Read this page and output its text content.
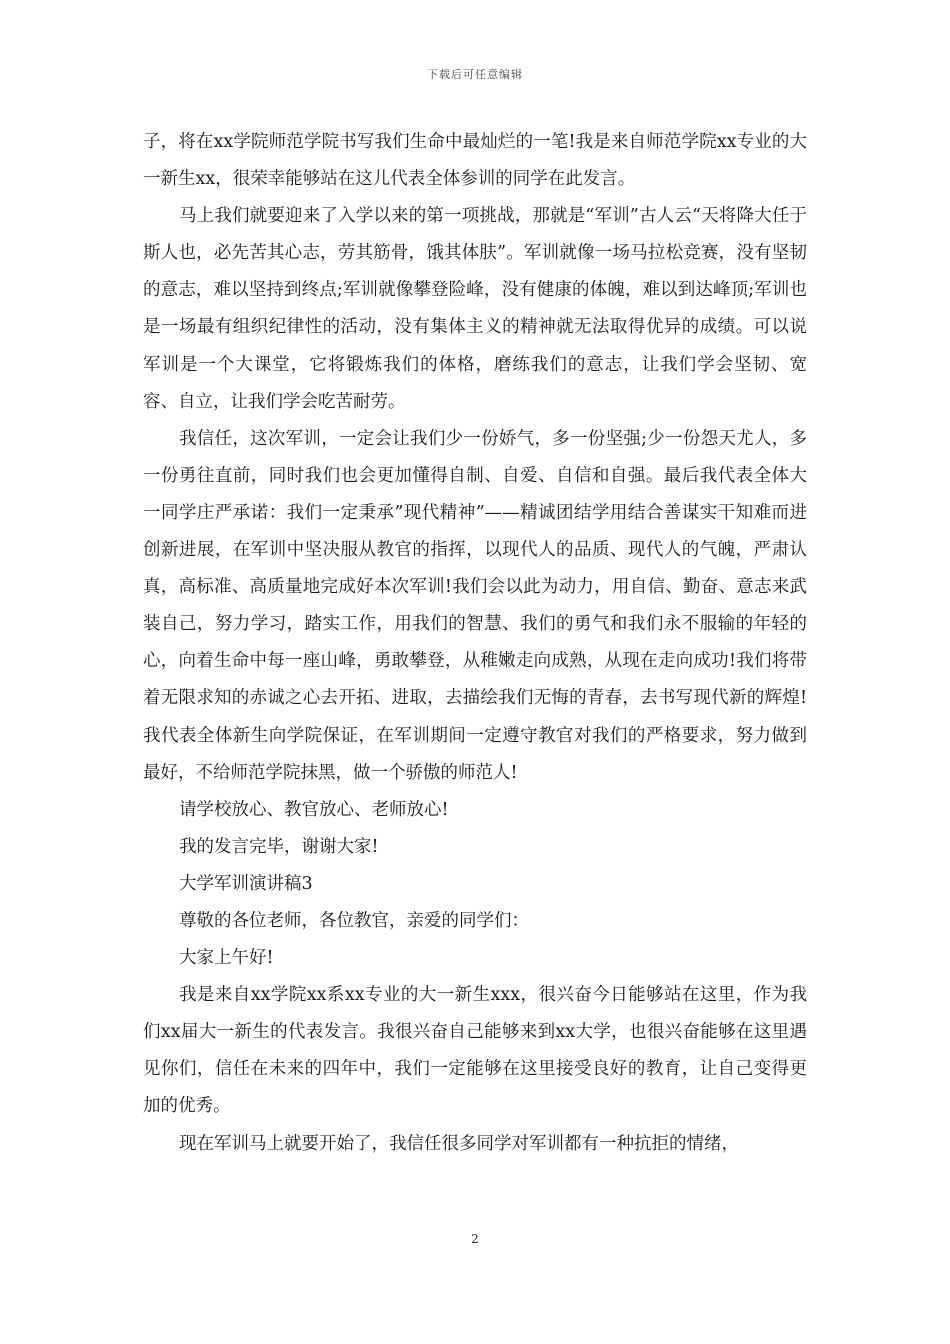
下载后可任意编辑

子，将在xx学院师范学院书写我们生命中最灿烂的一笔!我是来自师范学院xx专业的大一新生xx，很荣幸能够站在这儿代表全体参训的同学在此发言。

马上我们就要迎来了入学以来的第一项挑战，那就是“军训”古人云“天将降大任于斯人也，必先苦其心志，劳其筋骨，饿其体肤”。军训就像一场马拉松竞赛，没有坚韧的意志，难以坚持到终点;军训就像攀登险峰，没有健康的体魄，难以到达峰顶;军训也是一场最有组织纪律性的活动，没有集体主义的精神就无法取得优异的成绩。可以说军训是一个大课堂，它将锻炼我们的体格，磨练我们的意志，让我们学会坚韧、宽容、自立，让我们学会吃苦耐劳。

我信任，这次军训，一定会让我们少一份娇气，多一份坚强;少一份怨天尤人，多一份勇往直前，同时我们也会更加懂得自制、自爱、自信和自强。最后我代表全体大一同学庄严承诺：我们一定秉承”现代精神”——精诚团结学用结合善谋实干知难而进创新进展，在军训中坚决服从教官的指挥，以现代人的品质、现代人的气魄，严肃认真，高标准、高质量地完成好本次军训!我们会以此为动力，用自信、勤奋、意志来武装自己，努力学习，踏实工作，用我们的智慧、我们的勇气和我们永不服输的年轻的心，向着生命中每一座山峰，勇敢攀登，从稚嫩走向成熟，从现在走向成功!我们将带着无限求知的赤诚之心去开拓、进取，去描绘我们无悔的青春，去书写现代新的辉煌!我代表全体新生向学院保证，在军训期间一定遵守教官对我们的严格要求，努力做到最好，不给师范学院抹黑，做一个骄傲的师范人!

请学校放心、教官放心、老师放心!

我的发言完毕，谢谢大家!

大学军训演讲稿3

尊敬的各位老师，各位教官，亲爱的同学们：

大家上午好!

我是来自xx学院xx系xx专业的大一新生xxx，很兴奋今日能够站在这里，作为我们xx届大一新生的代表发言。我很兴奋自己能够来到xx大学，也很兴奋能够在这里遇见你们，信任在未来的四年中，我们一定能够在这里接受良好的教育，让自己变得更加的优秀。

现在军训马上就要开始了，我信任很多同学对军训都有一种抗拒的情绪，

2
